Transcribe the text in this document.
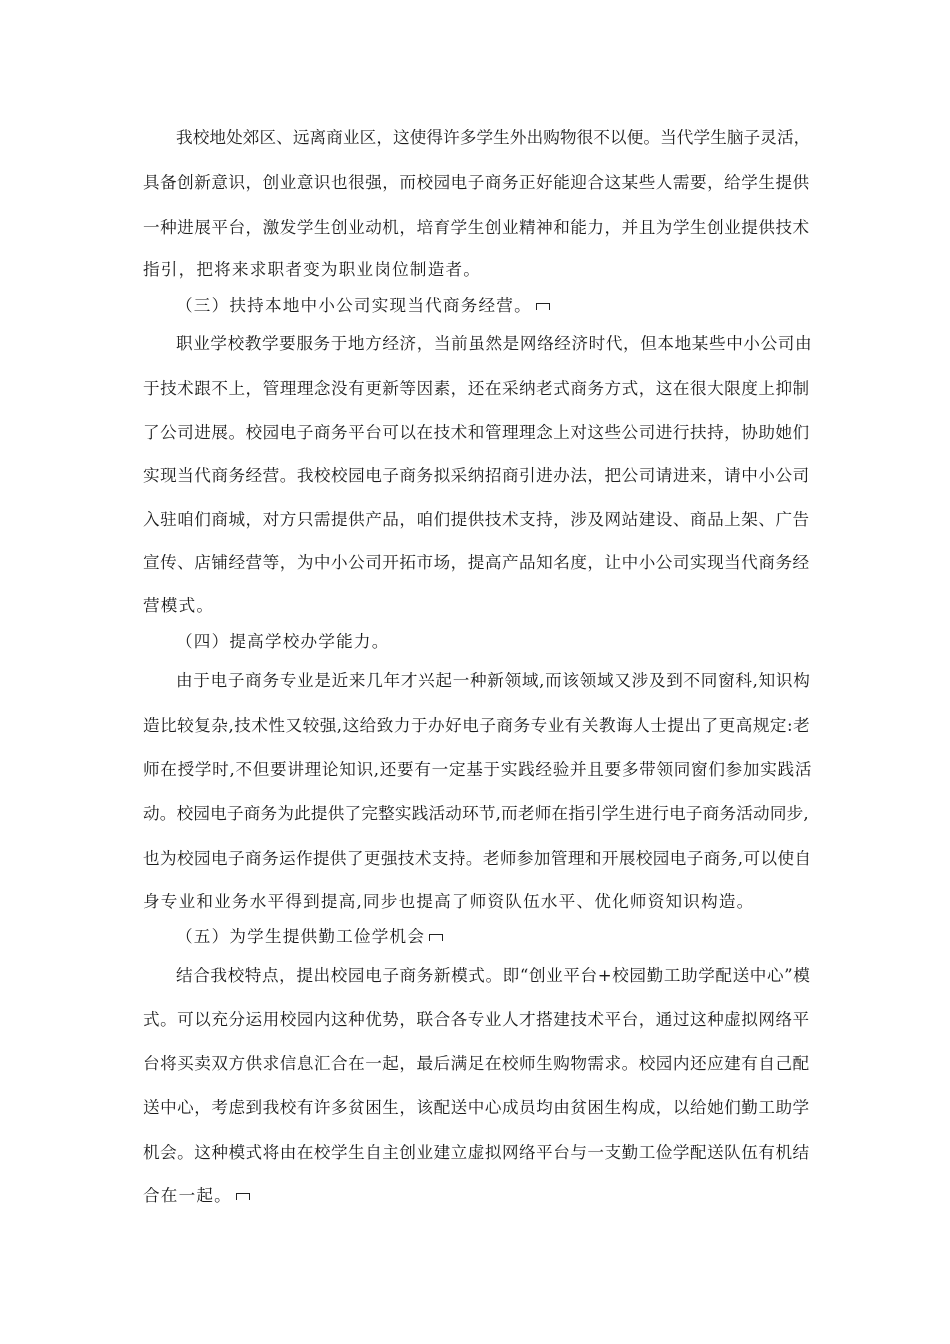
我校地处郊区、远离商业区，这使得许多学生外出购物很不以便。当代学生脑子灵活，
具备创新意识，创业意识也很强，而校园电子商务正好能迎合这某些人需要，给学生提供
一种进展平台，激发学生创业动机，培育学生创业精神和能力，并且为学生创业提供技术
指引，把将来求职者变为职业岗位制造者。
（三）扶持本地中小公司实现当代商务经营。
职业学校教学要服务于地方经济，当前虽然是网络经济时代，但本地某些中小公司由
于技术跟不上，管理理念没有更新等因素，还在采纳老式商务方式，这在很大限度上抑制
了公司进展。校园电子商务平台可以在技术和管理理念上对这些公司进行扶持，协助她们
实现当代商务经营。我校校园电子商务拟采纳招商引进办法，把公司请进来，请中小公司
入驻咱们商城，对方只需提供产品，咱们提供技术支持，涉及网站建设、商品上架、广告
宣传、店铺经营等，为中小公司开拓市场，提高产品知名度，让中小公司实现当代商务经
营模式。
（四）提高学校办学能力。
由于电子商务专业是近来几年才兴起一种新领域,而该领域又涉及到不同窗科,知识构
造比较复杂,技术性又较强,这给致力于办好电子商务专业有关教诲人士提出了更高规定:老
师在授学时,不但要讲理论知识,还要有一定基于实践经验并且要多带领同窗们参加实践活
动。校园电子商务为此提供了完整实践活动环节,而老师在指引学生进行电子商务活动同步,
也为校园电子商务运作提供了更强技术支持。老师参加管理和开展校园电子商务,可以使自
身专业和业务水平得到提高,同步也提高了师资队伍水平、优化师资知识构造。
（五）为学生提供勤工俭学机会
结合我校特点，提出校园电子商务新模式。即“创业平台+校园勤工助学配送中心”模
式。可以充分运用校园内这种优势，联合各专业人才搭建技术平台，通过这种虚拟网络平
台将买卖双方供求信息汇合在一起，最后满足在校师生购物需求。校园内还应建有自己配
送中心，考虑到我校有许多贫困生，该配送中心成员均由贫困生构成，以给她们勤工助学
机会。这种模式将由在校学生自主创业建立虚拟网络平台与一支勤工俭学配送队伍有机结
合在一起。
